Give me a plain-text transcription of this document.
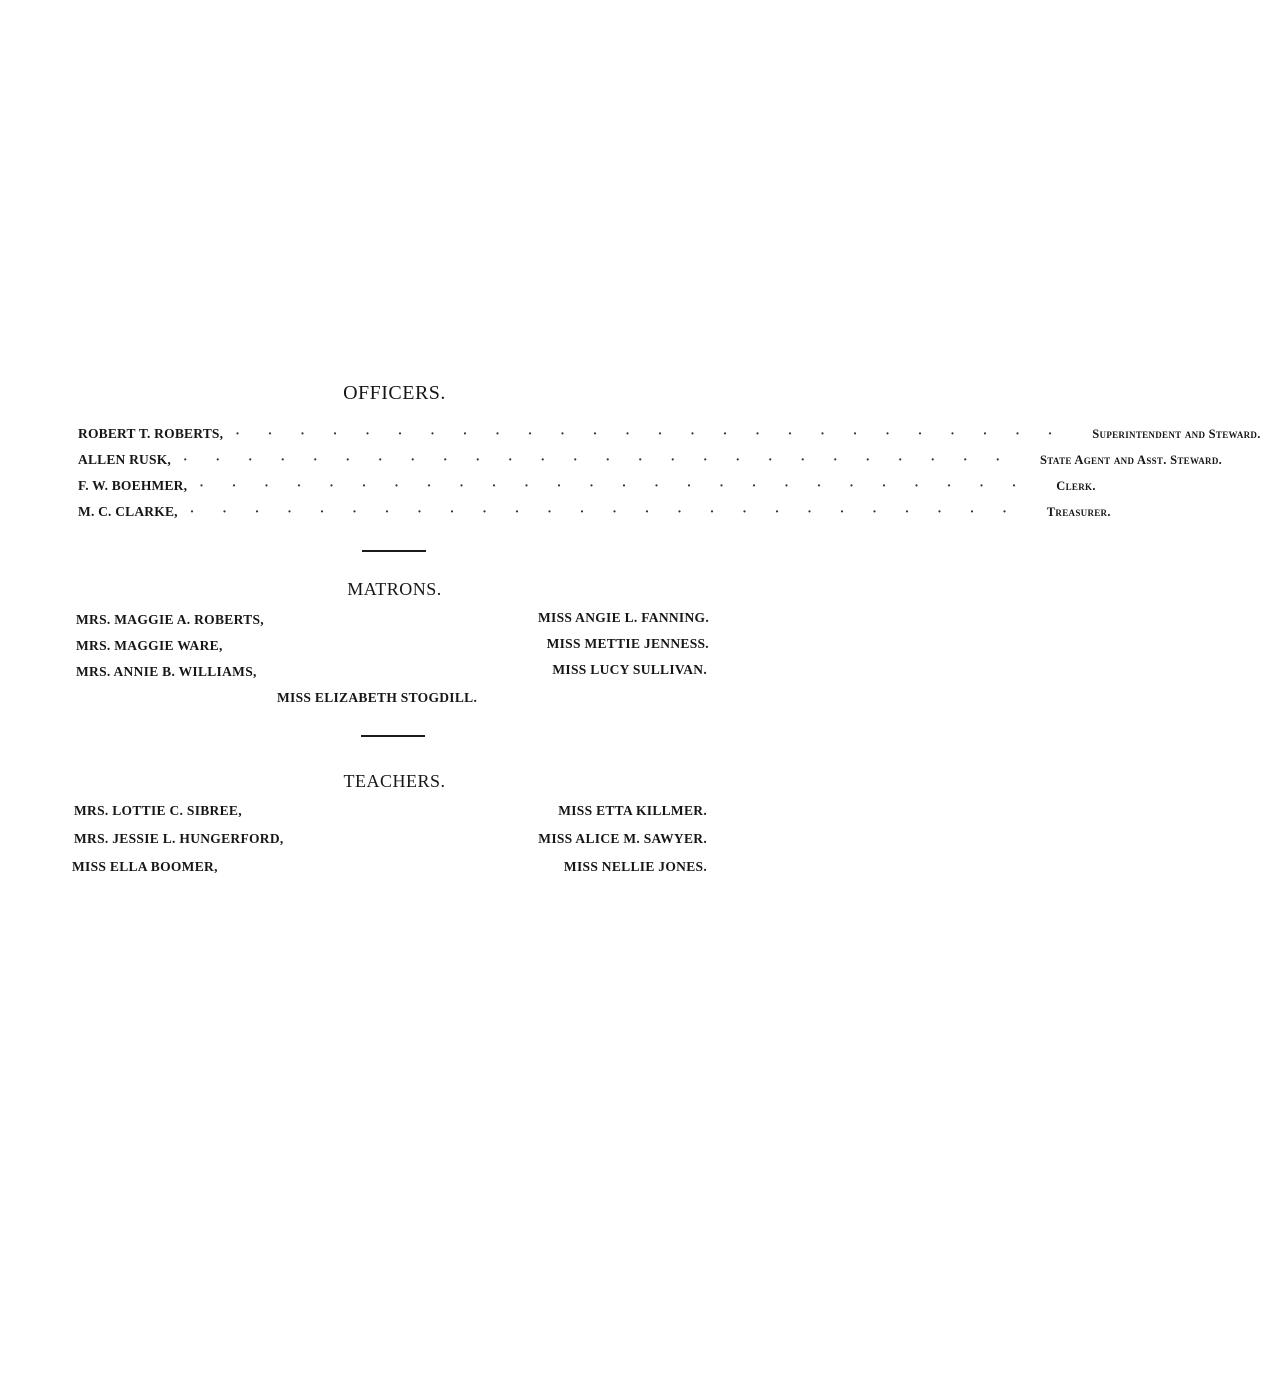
OFFICERS.
ROBERT T. ROBERTS, ·························· Superintendent and Steward.
ALLEN RUSK, ·························· State Agent and Asst. Steward.
F. W. BOEHMER, ·························· Clerk.
M. C. CLARKE, ·························· Treasurer.
MATRONS.
MRS. MAGGIE A. ROBERTS,
MRS. MAGGIE WARE,
MRS. ANNIE B. WILLIAMS,
MISS ANGIE L. FANNING.
MISS METTIE JENNESS.
MISS LUCY SULLIVAN.
MISS ELIZABETH STOGDILL.
TEACHERS.
MRS. LOTTIE C. SIBREE,
MRS. JESSIE L. HUNGERFORD,
MISS ELLA BOOMER,
MISS ETTA KILLMER.
MISS ALICE M. SAWYER.
MISS NELLIE JONES.
